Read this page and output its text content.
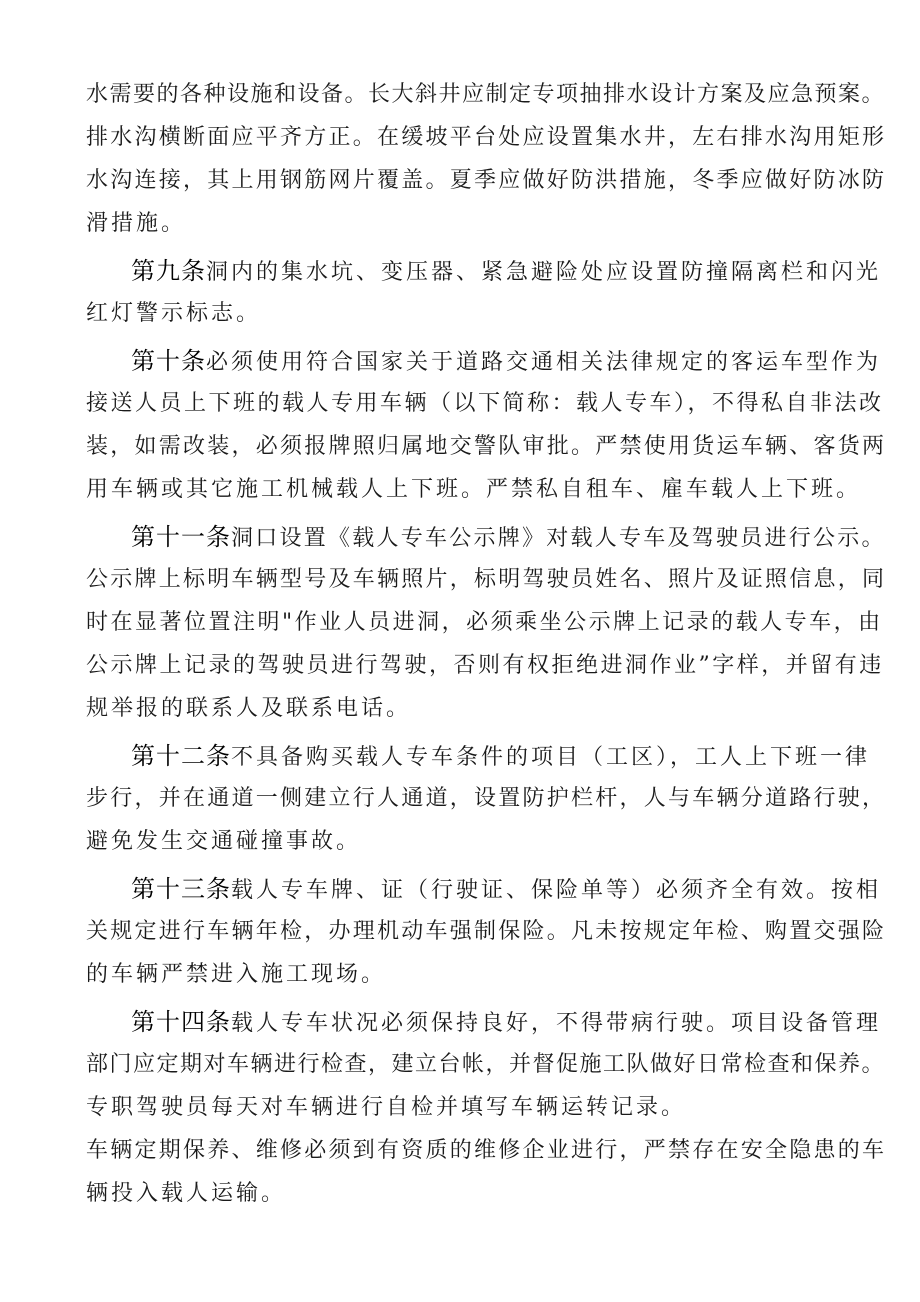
水需要的各种设施和设备。长大斜井应制定专项抽排水设计方案及应急预案。
排水沟横断面应平齐方正。在缓坡平台处应设置集水井，左右排水沟用矩形
水沟连接，其上用钢筋网片覆盖。夏季应做好防洪措施，冬季应做好防冰防
滑措施。
第九条洞内的集水坑、变压器、紧急避险处应设置防撞隔离栏和闪光
红灯警示标志。
第十条必须使用符合国家关于道路交通相关法律规定的客运车型作为
接送人员上下班的载人专用车辆（以下简称：载人专车），不得私自非法改
装，如需改装，必须报牌照归属地交警队审批。严禁使用货运车辆、客货两
用车辆或其它施工机械载人上下班。严禁私自租车、雇车载人上下班。
第十一条洞口设置《载人专车公示牌》对载人专车及驾驶员进行公示。
公示牌上标明车辆型号及车辆照片，标明驾驶员姓名、照片及证照信息，同
时在显著位置注明"作业人员进洞，必须乘坐公示牌上记录的载人专车，由
公示牌上记录的驾驶员进行驾驶，否则有权拒绝进洞作业”字样，并留有违
规举报的联系人及联系电话。
第十二条不具备购买载人专车条件的项目（工区），工人上下班一律
步行，并在通道一侧建立行人通道，设置防护栏杆，人与车辆分道路行驶，
避免发生交通碰撞事故。
第十三条载人专车牌、证（行驶证、保险单等）必须齐全有效。按相
关规定进行车辆年检，办理机动车强制保险。凡未按规定年检、购置交强险
的车辆严禁进入施工现场。
第十四条载人专车状况必须保持良好，不得带病行驶。项目设备管理
部门应定期对车辆进行检查，建立台帐，并督促施工队做好日常检查和保养。
专职驾驶员每天对车辆进行自检并填写车辆运转记录。
车辆定期保养、维修必须到有资质的维修企业进行，严禁存在安全隐患的车
辆投入载人运输。
